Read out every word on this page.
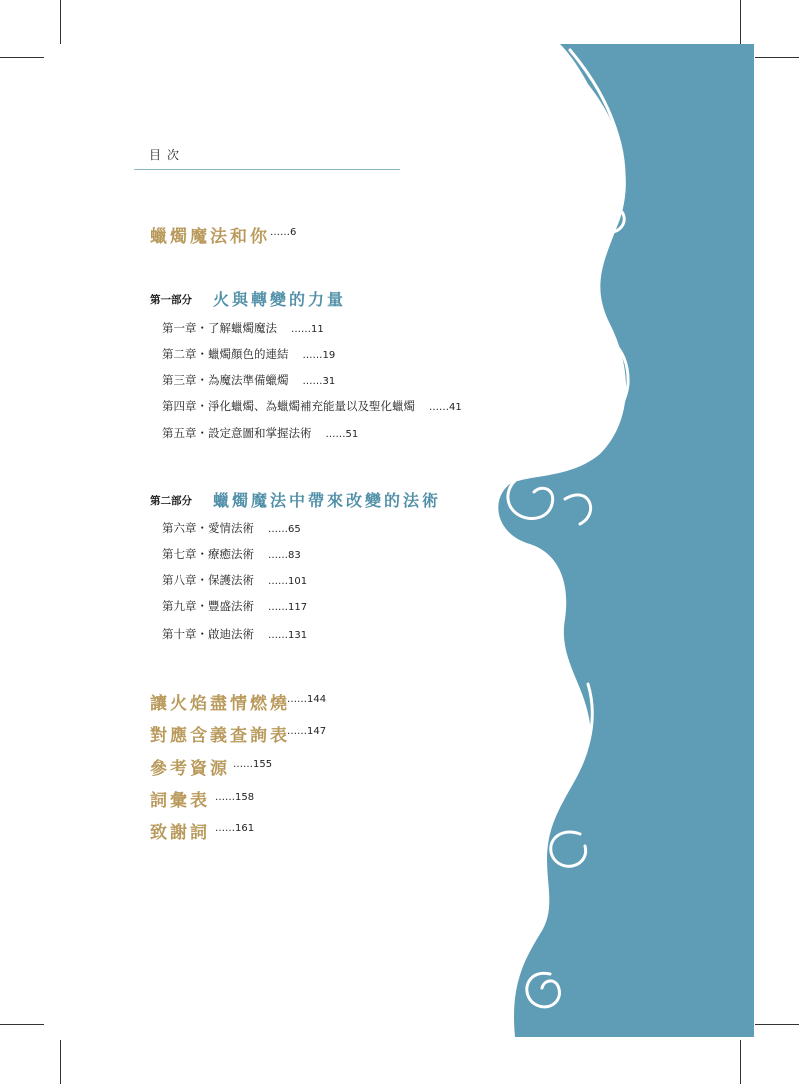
目次
蠟燭魔法和你 ……6
第一部分 火與轉變的力量
第一章・了解蠟燭魔法 ……11
第二章・蠟燭顏色的連結 ……19
第三章・為魔法準備蠟燭 ……31
第四章・淨化蠟燭、為蠟燭補充能量以及聖化蠟燭 ……41
第五章・設定意圖和掌握法術 ……51
第二部分 蠟燭魔法中帶來改變的法術
第六章・愛情法術 ……65
第七章・療癒法術 ……83
第八章・保護法術 ……101
第九章・豐盛法術 ……117
第十章・啟迪法術 ……131
讓火焰盡情燃燒
……144
對應含義查詢表
……147
參考資源 ……155
詞彙表 ……158
致謝詞 ……161
